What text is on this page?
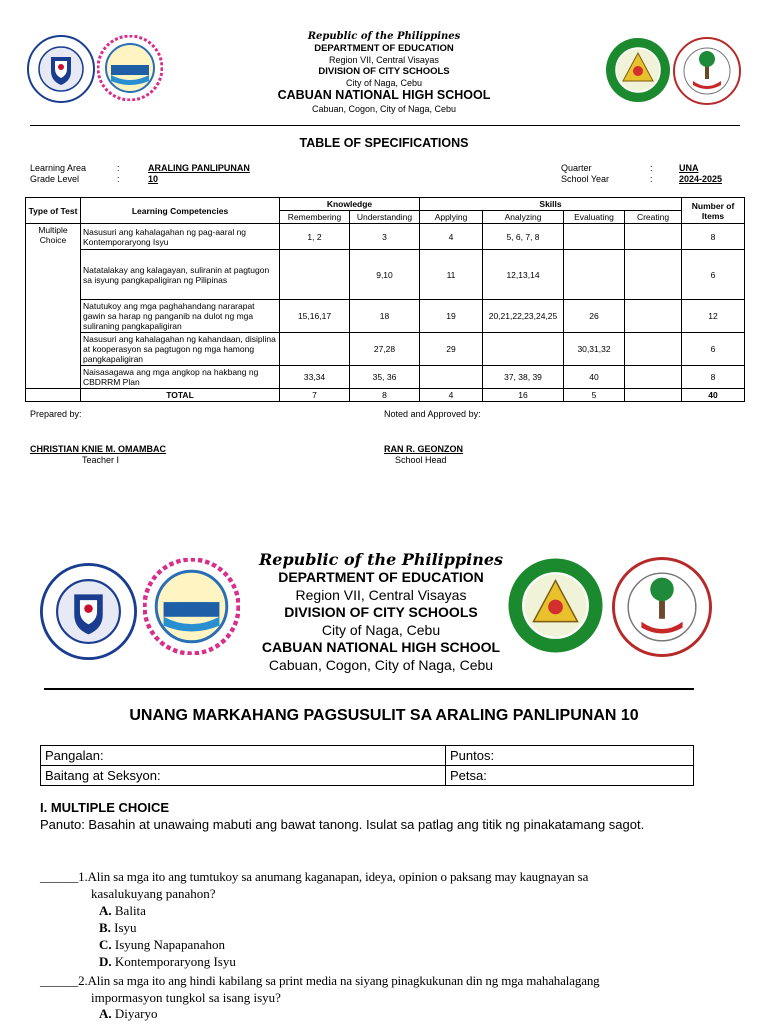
Republic of the Philippines
DEPARTMENT OF EDUCATION
Region VII, Central Visayas
DIVISION OF CITY SCHOOLS
City of Naga, Cebu
CABUAN NATIONAL HIGH SCHOOL
Cabuan, Cogon, City of Naga, Cebu
TABLE OF SPECIFICATIONS
Learning Area	:	ARALING PANLIPUNAN
Grade Level	:	10
Quarter	:	UNA
School Year	:	2024-2025
Type of Test	Learning Competencies	Knowledge		Skills				Number of Items
		Remembering	Understanding	Applying	Analyzing	Evaluating	Creating	
Multiple Choice	Nasusuri ang kahalagahan ng pag-aaral ng Kontemporaryong Isyu	1, 2	3	4	5, 6, 7, 8			8
	Natatalakay ang kalagayan, suliranin at pagtugon sa isyung pangkapaligiran ng Pilipinas		9,10	11	12,13,14			6
	Natutukoy ang mga paghahandang nararapat gawin sa harap ng panganib na dulot ng mga suliraning pangkapaligiran	15,16,17	18	19	20,21,22,23,24,25	26		12
	Nasusuri ang kahalagahan ng kahandaan, disiplina at kooperasyon sa pagtugon ng mga hamong pangkapaligiran		27,28	29		30,31,32		6
	Naisasagawa ang mga angkop na hakbang ng CBDRRM Plan	33,34	35, 36		37, 38, 39	40		8
	TOTAL	7	8	4	16	5		40
Prepared by:	Noted and Approved by:
CHRISTIAN KNIE M. OMAMBAC
Teacher I
RAN R. GEONZON
School Head
Republic of the Philippines
DEPARTMENT OF EDUCATION
Region VII, Central Visayas
DIVISION OF CITY SCHOOLS
City of Naga, Cebu
CABUAN NATIONAL HIGH SCHOOL
Cabuan, Cogon, City of Naga, Cebu
UNANG MARKAHANG PAGSUSULIT SA ARALING PANLIPUNAN 10
Pangalan:	Puntos:
Baitang at Seksyon:	Petsa:
I. MULTIPLE CHOICE
Panuto: Basahin at unawaing mabuti ang bawat tanong. Isulat sa patlag ang titik ng pinakatamang sagot.
______1.Alin sa mga ito ang tumtukoy sa anumang kaganapan, ideya, opinion o paksang may kaugnayan sa
kasalukuyang panahon?
A. Balita
B. Isyu
C. Isyung Napapanahon
D. Kontemporaryong Isyu
______2.Alin sa mga ito ang hindi kabilang sa print media na siyang pinagkukunan din ng mga mahahalagang
impormasyon tungkol sa isang isyu?
A. Diyaryo
